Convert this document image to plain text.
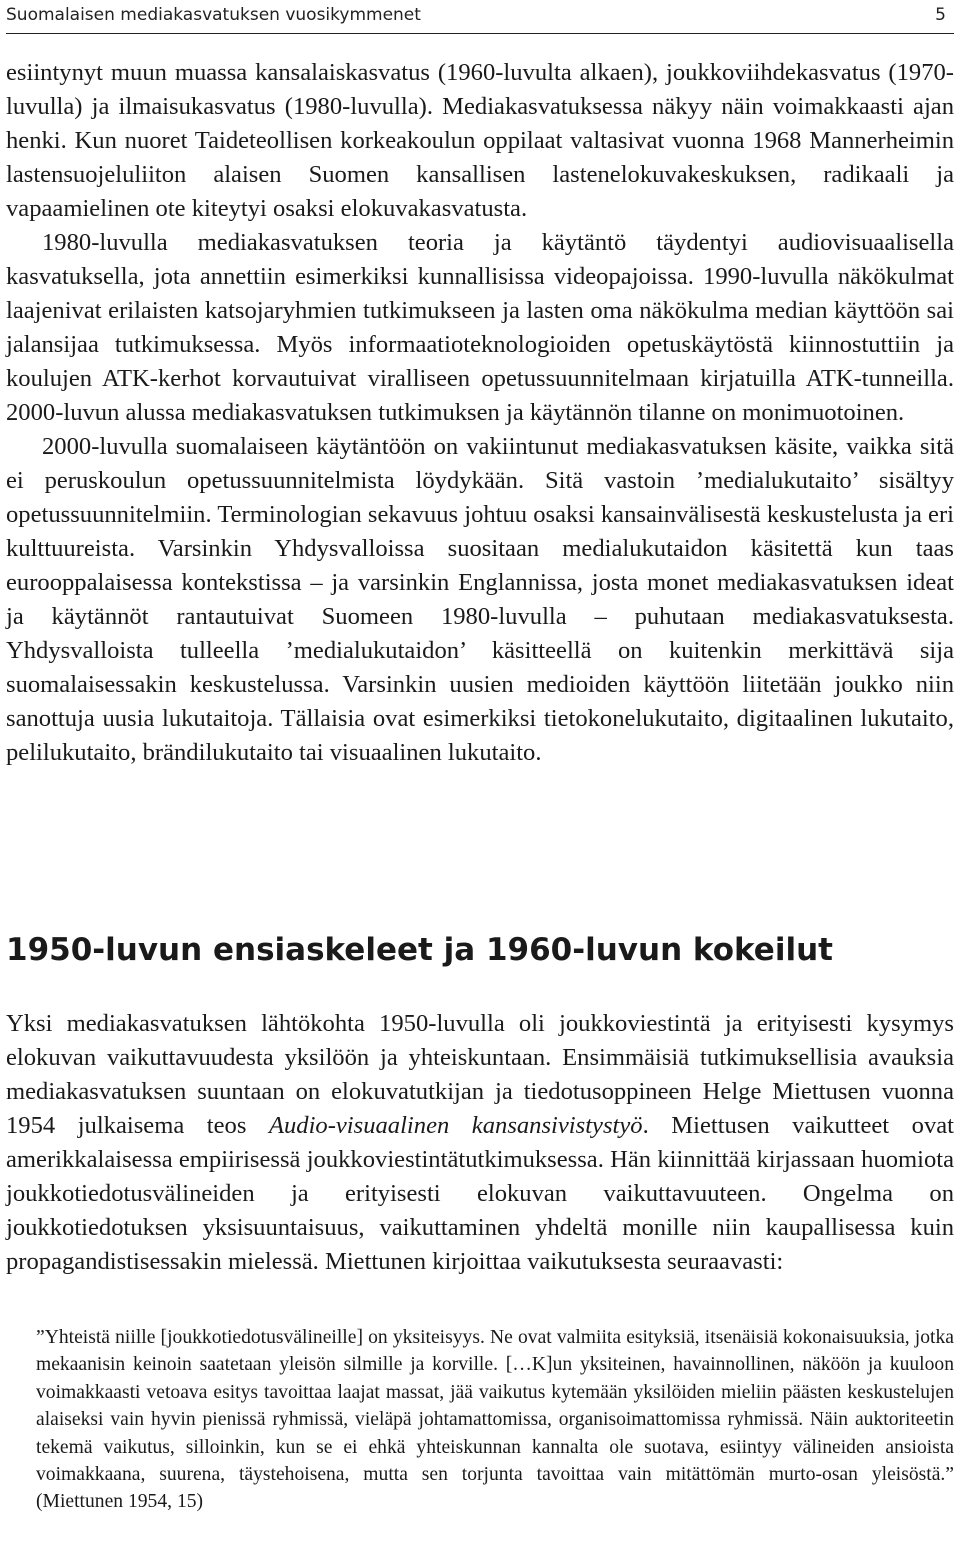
Suomalaisen mediakasvatuksen vuosikymmenet	5

esiintynyt muun muassa kansalaiskasvatus (1960-luvulta alkaen), joukkoviihdekasvatus (1970-luvulla) ja ilmaisukasvatus (1980-luvulla). Mediakasvatuksessa näkyy näin voimakkaasti ajan henki. Kun nuoret Taideteollisen korkeakoulun oppilaat valtasivat vuonna 1968 Mannerheimin lastensuojeluliiton alaisen Suomen kansallisen lastenelokuvakeskuksen, radikaali ja vapaamielinen ote kiteytyi osaksi elokuvakasvatusta.

1980-luvulla mediakasvatuksen teoria ja käytäntö täydentyi audiovisuaalisella kasvatuksella, jota annettiin esimerkiksi kunnallisissa videopajoissa. 1990-luvulla näkökulmat laajenivat erilaisten katsojaryhmien tutkimukseen ja lasten oma näkökulma median käyttöön sai jalansijaa tutkimuksessa. Myös informaatioteknologioiden opetuskäytöstä kiinnostuttiin ja koulujen ATK-kerhot korvautuivat viralliseen opetussuunnitelmaan kirjatuilla ATK-tunneilla. 2000-luvun alussa mediakasvatuksen tutkimuksen ja käytännön tilanne on monimuotoinen.

2000-luvulla suomalaiseen käytäntöön on vakiintunut mediakasvatuksen käsite, vaikka sitä ei peruskoulun opetussuunnitelmista löydykään. Sitä vastoin ’medialukutaito’ sisältyy opetussuunnitelmiin. Terminologian sekavuus johtuu osaksi kansainvälisestä keskustelusta ja eri kulttuureista. Varsinkin Yhdysvalloissa suositaan medialukutaidon käsitettä kun taas eurooppalaisessa kontekstissa – ja varsinkin Englannissa, josta monet mediakasvatuksen ideat ja käytännöt rantautuivat Suomeen 1980-luvulla – puhutaan mediakasvatuksesta. Yhdysvalloista tulleella ’medialukutaidon’ käsitteellä on kuitenkin merkittävä sija suomalaisessakin keskustelussa. Varsinkin uusien medioiden käyttöön liitetään joukko niin sanottuja uusia lukutaitoja. Tällaisia ovat esimerkiksi tietokonelukutaito, digitaalinen lukutaito, pelilukutaito, brändilukutaito tai visuaalinen lukutaito.

1950-luvun ensiaskeleet ja 1960-luvun kokeilut

Yksi mediakasvatuksen lähtökohta 1950-luvulla oli joukkoviestintä ja erityisesti kysymys elokuvan vaikuttavuudesta yksilöön ja yhteiskuntaan. Ensimmäisiä tutkimuksellisia avauksia mediakasvatuksen suuntaan on elokuvatutkijan ja tiedotusoppineen Helge Miettusen vuonna 1954 julkaisema teos Audio-visuaalinen kansansivistystyö. Miettusen vaikutteet ovat amerikkalaisessa empiirisessä joukkoviestintätutkimuksessa. Hän kiinnittää kirjassaan huomiota joukkotiedotusvälineiden ja erityisesti elokuvan vaikuttavuuteen. Ongelma on joukkotiedotuksen yksisuuntaisuus, vaikuttaminen yhdeltä monille niin kaupallisessa kuin propagandistisessakin mielessä. Miettunen kirjoittaa vaikutuksesta seuraavasti:

”Yhteistä niille [joukkotiedotusvälineille] on yksiteisyys. Ne ovat valmiita esityksiä, itsenäisiä kokonaisuuksia, jotka mekaanisin keinoin saatetaan yleisön silmille ja korville. […K]un yksiteinen, havainnollinen, näköön ja kuuloon voimakkaasti vetoava esitys tavoittaa laajat massat, jää vaikutus kytemään yksilöiden mieliin päästen keskustelujen alaiseksi vain hyvin pienissä ryhmissä, vieläpä johtamattomissa, organisoimattomissa ryhmissä. Näin auktoriteetin tekemä vaikutus, silloinkin, kun se ei ehkä yhteiskunnan kannalta ole suotava, esiintyy välineiden ansioista voimakkaana, suurena, täystehoisena, mutta sen torjunta tavoittaa vain mitättömän murto-osan yleisöstä.” (Miettunen 1954, 15)
